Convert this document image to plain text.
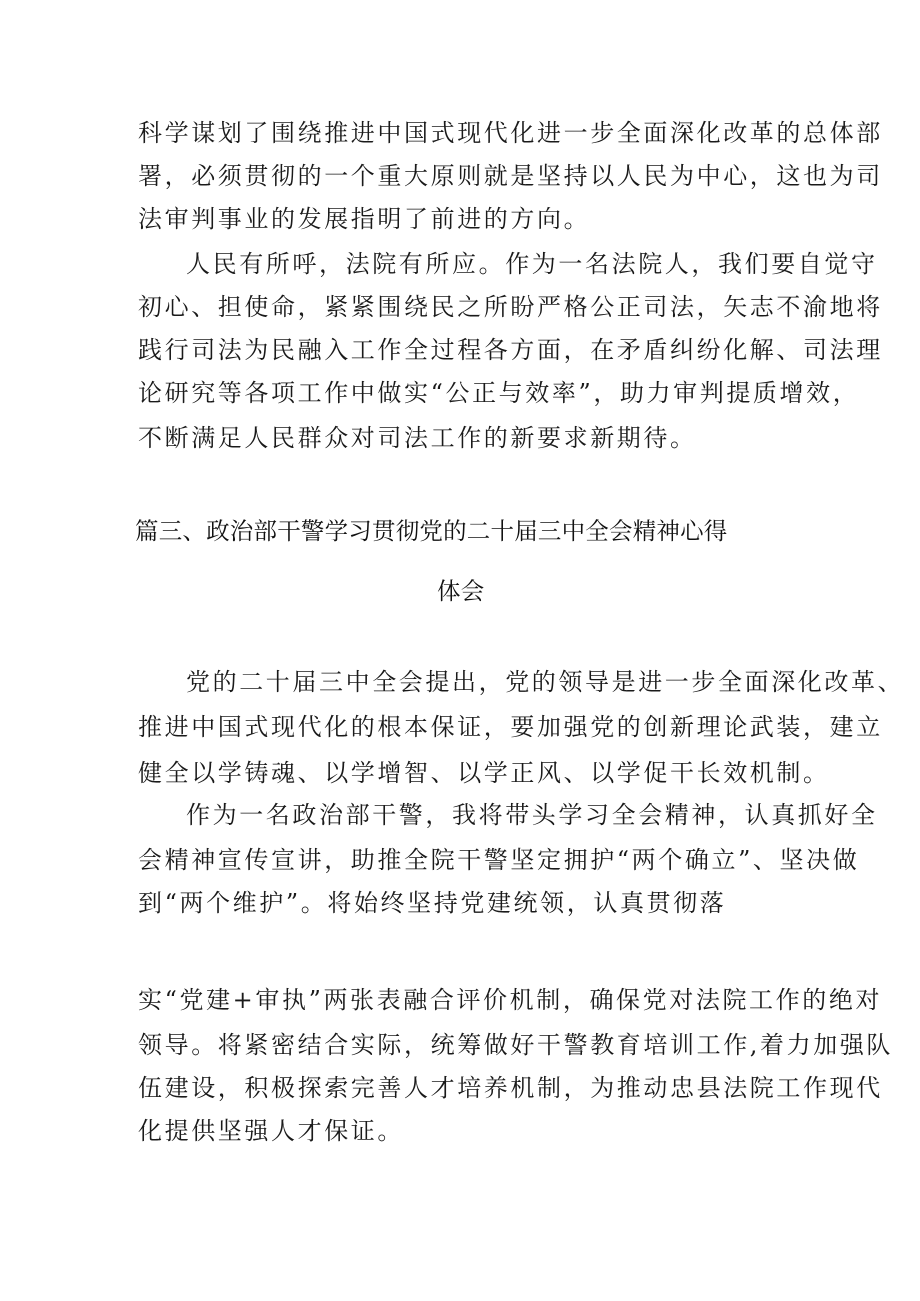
科学谋划了围绕推进中国式现代化进一步全面深化改革的总体部
署，必须贯彻的一个重大原则就是坚持以人民为中心，这也为司
法审判事业的发展指明了前进的方向。
人民有所呼，法院有所应。作为一名法院人，我们要自觉守
初心、担使命，紧紧围绕民之所盼严格公正司法，矢志不渝地将
践行司法为民融入工作全过程各方面，在矛盾纠纷化解、司法理
论研究等各项工作中做实“公正与效率”，助力审判提质增效，
不断满足人民群众对司法工作的新要求新期待。
篇三、政治部干警学习贯彻党的二十届三中全会精神心得
体会
党的二十届三中全会提出，党的领导是进一步全面深化改革、
推进中国式现代化的根本保证，要加强党的创新理论武装，建立
健全以学铸魂、以学增智、以学正风、以学促干长效机制。
作为一名政治部干警，我将带头学习全会精神，认真抓好全
会精神宣传宣讲，助推全院干警坚定拥护“两个确立”、坚决做
到“两个维护”。将始终坚持党建统领，认真贯彻落
实“党建+审执”两张表融合评价机制，确保党对法院工作的绝对
领导。将紧密结合实际，统筹做好干警教育培训工作,着力加强队
伍建设，积极探索完善人才培养机制，为推动忠县法院工作现代
化提供坚强人才保证。
